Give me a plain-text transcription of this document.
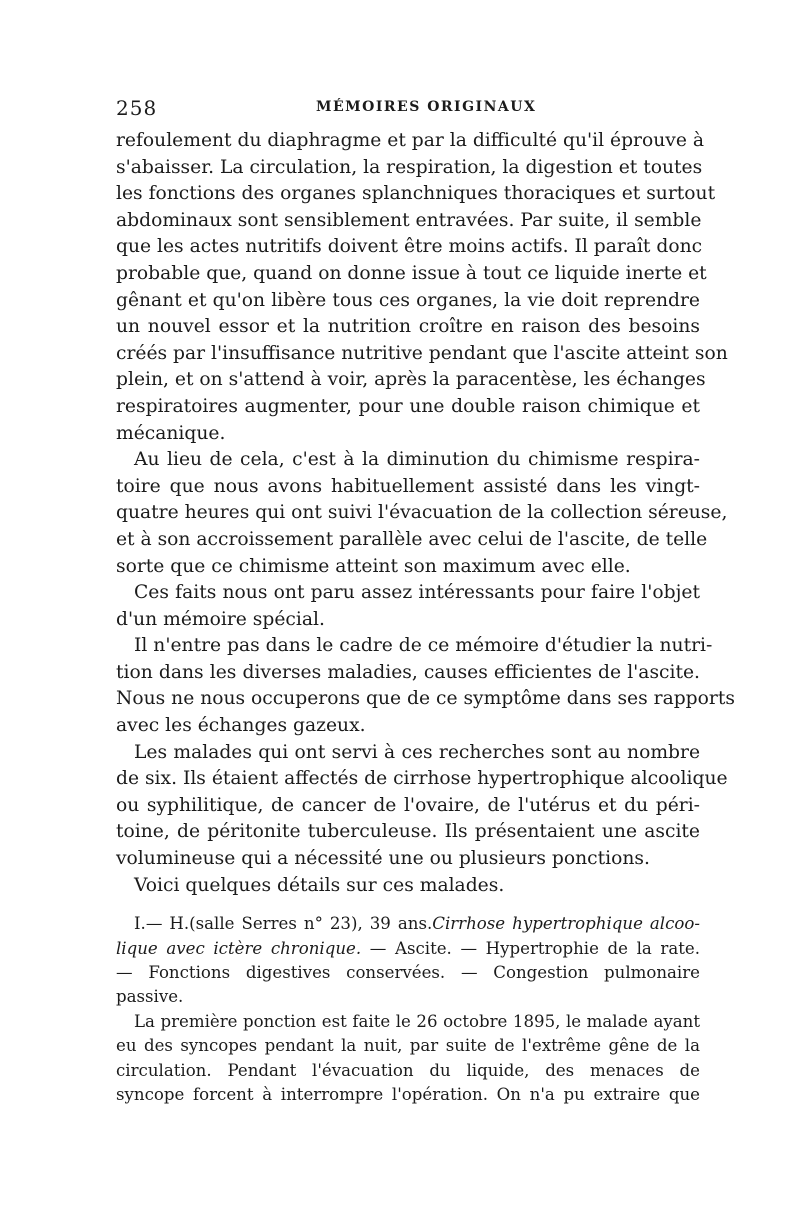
258	MÉMOIRES ORIGINAUX
refoulement du diaphragme et par la difficulté qu'il éprouve à
s'abaisser. La circulation, la respiration, la digestion et toutes
les fonctions des organes splanchniques thoraciques et surtout
abdominaux sont sensiblement entravées. Par suite, il semble
que les actes nutritifs doivent être moins actifs. Il paraît donc
probable que, quand on donne issue à tout ce liquide inerte et
gênant et qu'on libère tous ces organes, la vie doit reprendre
un nouvel essor et la nutrition croître en raison des besoins
créés par l'insuffisance nutritive pendant que l'ascite atteint son
plein, et on s'attend à voir, après la paracentèse, les échanges
respiratoires augmenter, pour une double raison chimique et
mécanique.
Au lieu de cela, c'est à la diminution du chimisme respira-
toire que nous avons habituellement assisté dans les vingt-
quatre heures qui ont suivi l'évacuation de la collection séreuse,
et à son accroissement parallèle avec celui de l'ascite, de telle
sorte que ce chimisme atteint son maximum avec elle.
Ces faits nous ont paru assez intéressants pour faire l'objet
d'un mémoire spécial.
Il n'entre pas dans le cadre de ce mémoire d'étudier la nutri-
tion dans les diverses maladies, causes efficientes de l'ascite.
Nous ne nous occuperons que de ce symptôme dans ses rapports
avec les échanges gazeux.
Les malades qui ont servi à ces recherches sont au nombre
de six. Ils étaient affectés de cirrhose hypertrophique alcoolique
ou syphilitique, de cancer de l'ovaire, de l'utérus et du péri-
toine, de péritonite tuberculeuse. Ils présentaient une ascite
volumineuse qui a nécessité une ou plusieurs ponctions.
Voici quelques détails sur ces malades.
I.— H.(salle Serres n° 23), 39 ans.Cirrhose hypertrophique alcoo-
lique avec ictère chronique. — Ascite. — Hypertrophie de la rate.
— Fonctions digestives conservées. — Congestion pulmonaire
passive.
La première ponction est faite le 26 octobre 1895, le malade ayant
eu des syncopes pendant la nuit, par suite de l'extrême gêne de la
circulation. Pendant l'évacuation du liquide, des menaces de
syncope forcent à interrompre l'opération. On n'a pu extraire que
